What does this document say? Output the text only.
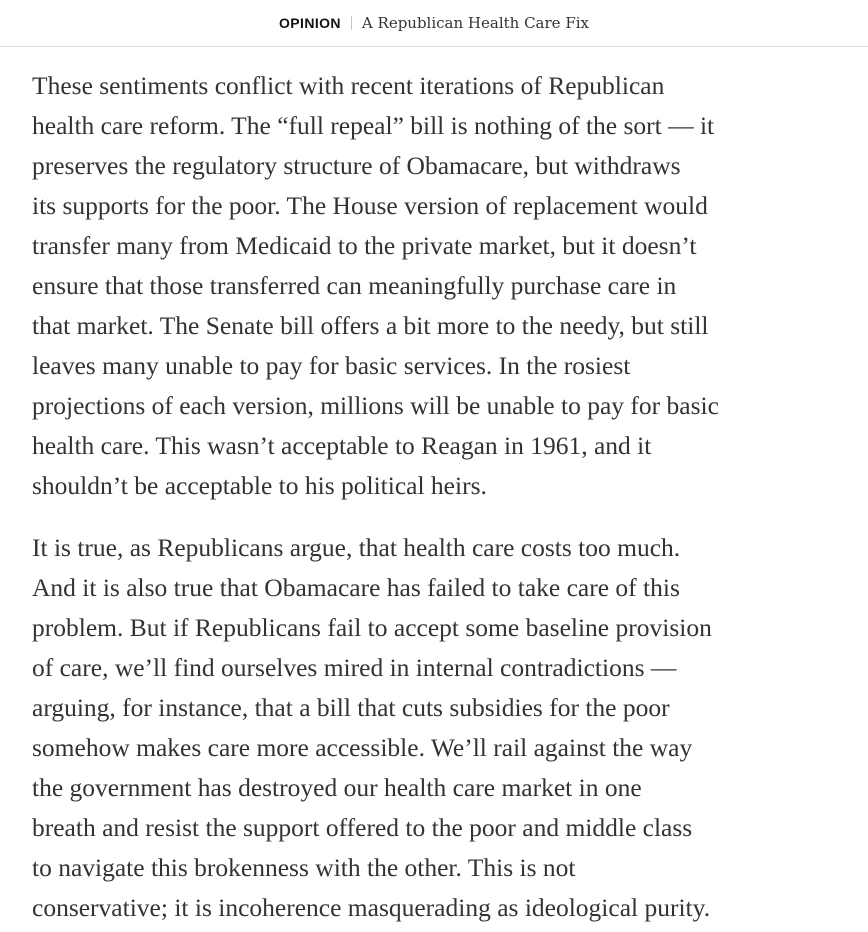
OPINION A Republican Health Care Fix

These sentiments conflict with recent iterations of Republican
health care reform. The “full repeal” bill is nothing of the sort — it
preserves the regulatory structure of Obamacare, but withdraws
its supports for the poor. The House version of replacement would
transfer many from Medicaid to the private market, but it doesn’t
ensure that those transferred can meaningfully purchase care in
that market. The Senate bill offers a bit more to the needy, but still
leaves many unable to pay for basic services. In the rosiest
projections of each version, millions will be unable to pay for basic
health care. This wasn’t acceptable to Reagan in 1961, and it
shouldn’t be acceptable to his political heirs.

It is true, as Republicans argue, that health care costs too much.
And it is also true that Obamacare has failed to take care of this
problem. But if Republicans fail to accept some baseline provision
of care, we’ll find ourselves mired in internal contradictions —
arguing, for instance, that a bill that cuts subsidies for the poor
somehow makes care more accessible. We’ll rail against the way
the government has destroyed our health care market in one
breath and resist the support offered to the poor and middle class
to navigate this brokenness with the other. This is not
conservative; it is incoherence masquerading as ideological purity.
